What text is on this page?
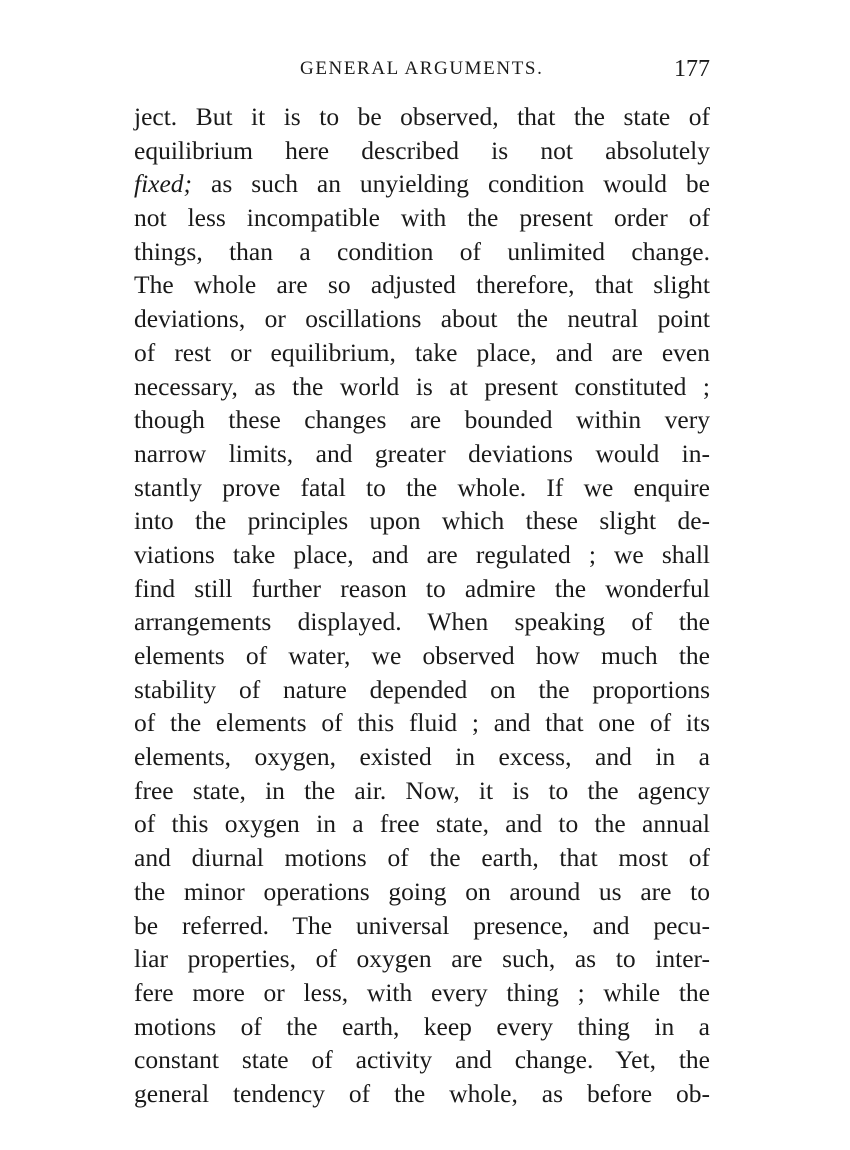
GENERAL ARGUMENTS.	177
ject. But it is to be observed, that the state of
equilibrium here described is not absolutely
fixed; as such an unyielding condition would be
not less incompatible with the present order of
things, than a condition of unlimited change.
The whole are so adjusted therefore, that slight
deviations, or oscillations about the neutral point
of rest or equilibrium, take place, and are even
necessary, as the world is at present constituted ;
though these changes are bounded within very
narrow limits, and greater deviations would in-
stantly prove fatal to the whole. If we enquire
into the principles upon which these slight de-
viations take place, and are regulated ; we shall
find still further reason to admire the wonderful
arrangements displayed. When speaking of the
elements of water, we observed how much the
stability of nature depended on the proportions
of the elements of this fluid ; and that one of its
elements, oxygen, existed in excess, and in a
free state, in the air. Now, it is to the agency
of this oxygen in a free state, and to the annual
and diurnal motions of the earth, that most of
the minor operations going on around us are to
be referred. The universal presence, and pecu-
liar properties, of oxygen are such, as to inter-
fere more or less, with every thing ; while the
motions of the earth, keep every thing in a
constant state of activity and change. Yet, the
general tendency of the whole, as before ob-
